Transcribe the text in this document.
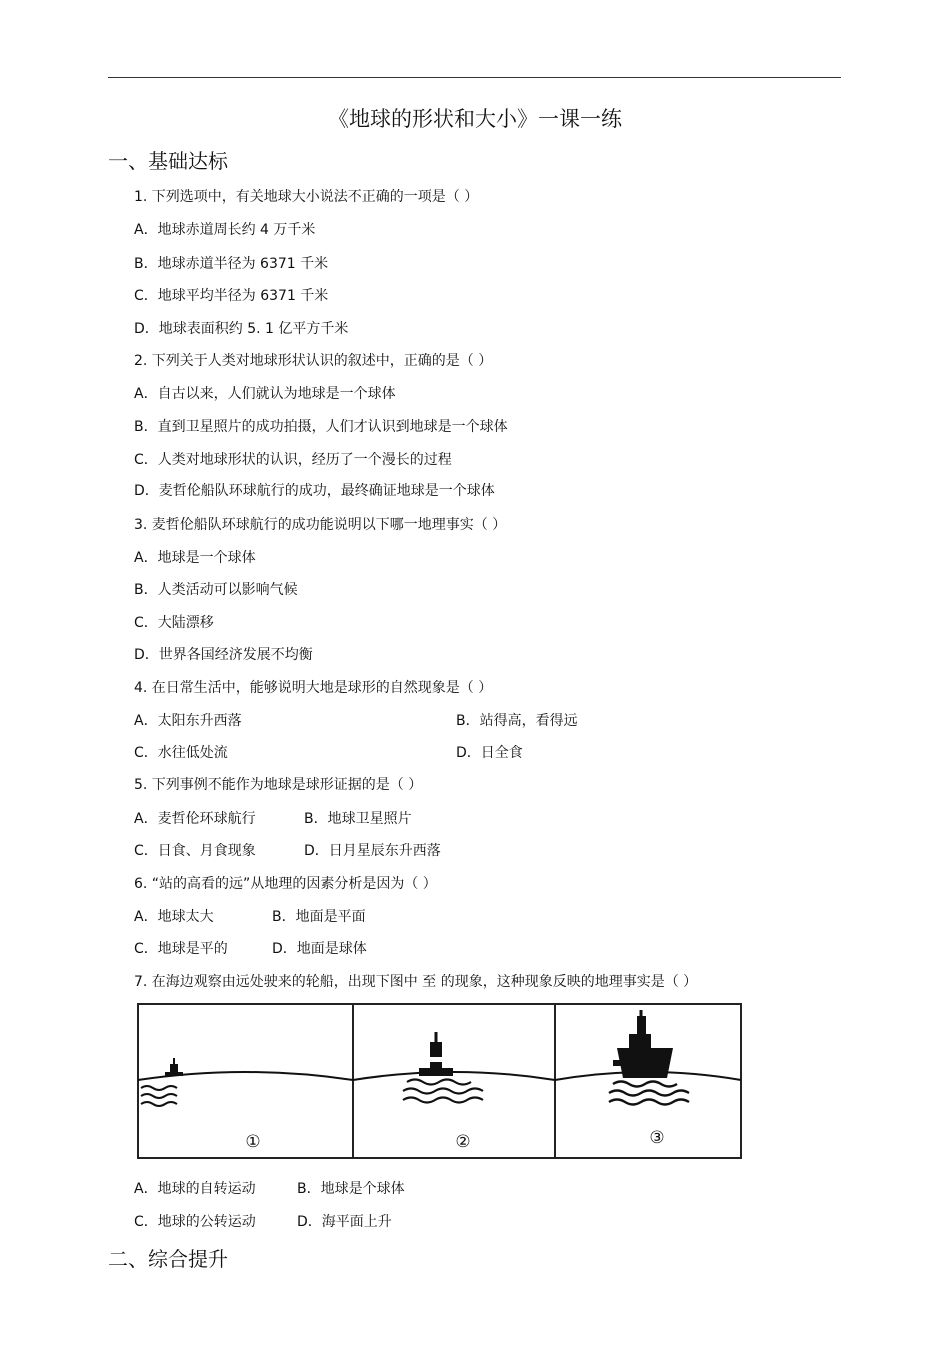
《地球的形状和大小》一课一练
一、基础达标
1. 下列选项中，有关地球大小说法不正确的一项是（ ）
A．地球赤道周长约 4 万千米
B．地球赤道半径为 6371 千米
C．地球平均半径为 6371 千米
D．地球表面积约 5. 1 亿平方千米
2. 下列关于人类对地球形状认识的叙述中，正确的是（ ）
A．自古以来，人们就认为地球是一个球体
B．直到卫星照片的成功拍摄，人们才认识到地球是一个球体
C．人类对地球形状的认识，经历了一个漫长的过程
D．麦哲伦船队环球航行的成功，最终确证地球是一个球体
3. 麦哲伦船队环球航行的成功能说明以下哪一地理事实（ ）
A．地球是一个球体
B．人类活动可以影响气候
C．大陆漂移
D．世界各国经济发展不均衡
4. 在日常生活中，能够说明大地是球形的自然现象是（ ）
A．太阳东升西落	B．站得高，看得远
C．水往低处流	D．日全食
5. 下列事例不能作为地球是球形证据的是（ ）
A．麦哲伦环球航行	B．地球卫星照片
C．日食、月食现象	D．日月星辰东升西落
6. “站的高看的远”从地理的因素分析是因为（ ）
A．地球太大	B．地面是平面
C．地球是平的	D．地面是球体
7. 在海边观察由远处驶来的轮船，出现下图中 至 的现象，这种现象反映的地理事实是（ ）
①	②	③
A．地球的自转运动	B．地球是个球体
C．地球的公转运动	D．海平面上升
二、综合提升
